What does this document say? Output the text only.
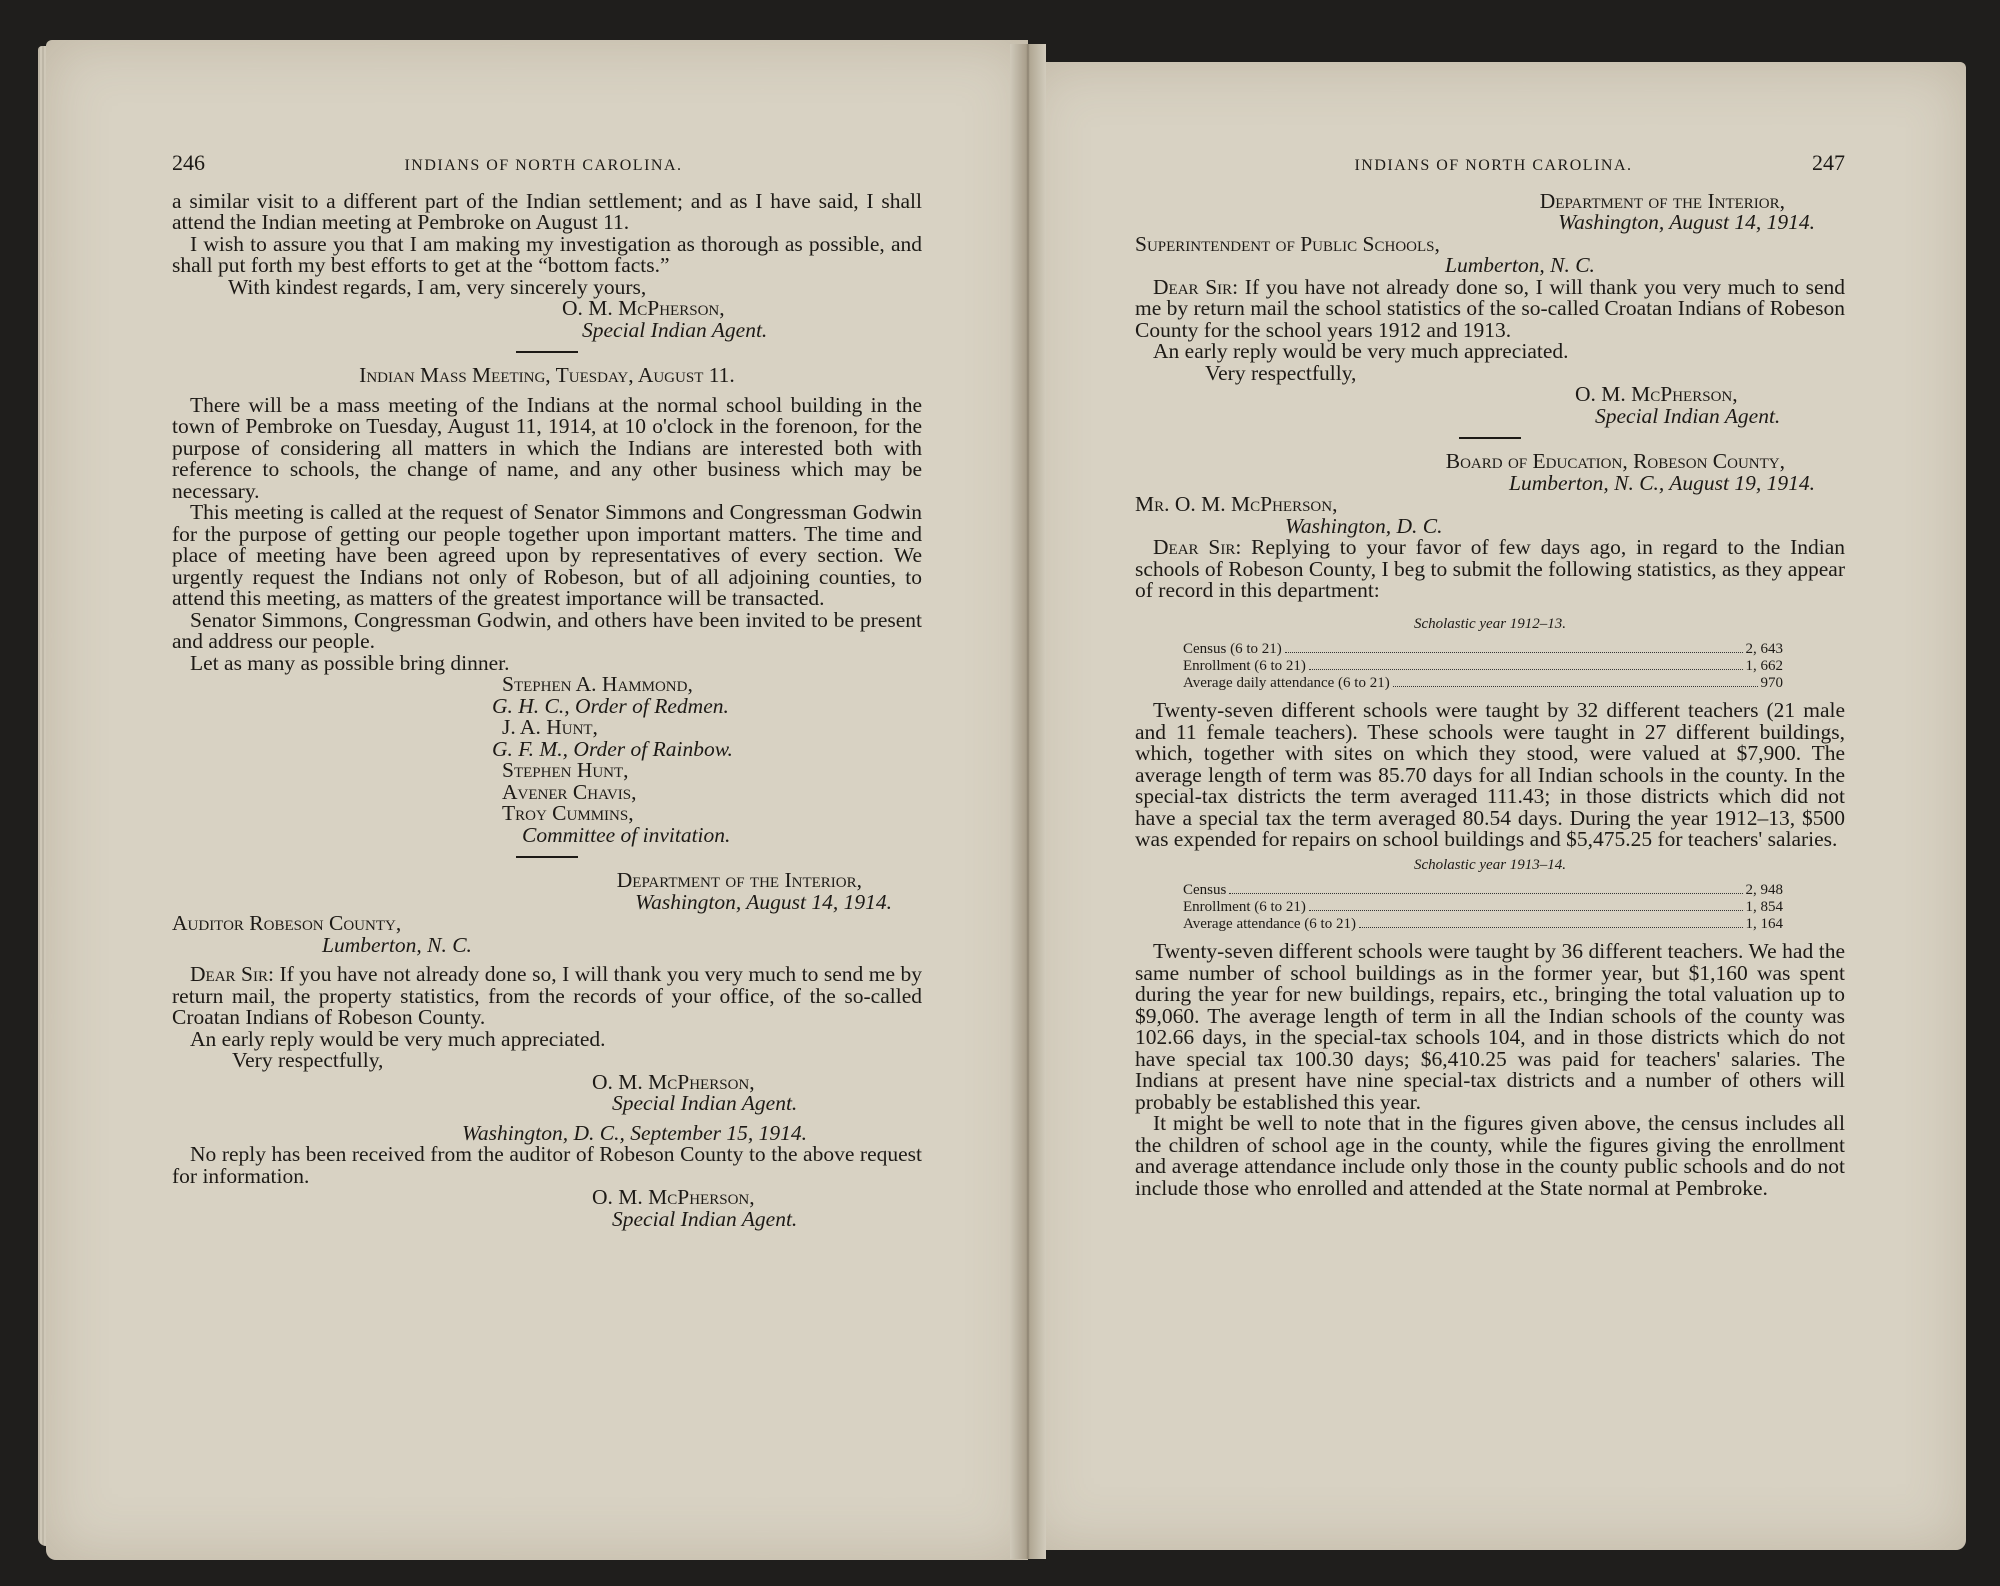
246	INDIANS OF NORTH CAROLINA.

a similar visit to a different part of the Indian settlement; and as I have said, I shall attend the Indian meeting at Pembroke on August 11.

I wish to assure you that I am making my investigation as thorough as possible, and shall put forth my best efforts to get at the “bottom facts.”

With kindest regards, I am, very sincerely yours,

O. M. McPherson,

Special Indian Agent.

Indian Mass Meeting, Tuesday, August 11.

There will be a mass meeting of the Indians at the normal school building in the town of Pembroke on Tuesday, August 11, 1914, at 10 o'clock in the forenoon, for the purpose of considering all matters in which the Indians are interested both with reference to schools, the change of name, and any other business which may be necessary.

This meeting is called at the request of Senator Simmons and Congressman Godwin for the purpose of getting our people together upon important matters. The time and place of meeting have been agreed upon by representatives of every section. We urgently request the Indians not only of Robeson, but of all adjoining counties, to attend this meeting, as matters of the greatest importance will be transacted.

Senator Simmons, Congressman Godwin, and others have been invited to be present and address our people.

Let as many as possible bring dinner.

Stephen A. Hammond,

G. H. C., Order of Redmen.

J. A. Hunt,

G. F. M., Order of Rainbow.

Stephen Hunt,

Avener Chavis,

Troy Cummins,

Committee of invitation.

Department of the Interior,

Washington, August 14, 1914.

Auditor Robeson County,

Lumberton, N. C.

Dear Sir: If you have not already done so, I will thank you very much to send me by return mail, the property statistics, from the records of your office, of the so-called Croatan Indians of Robeson County.

An early reply would be very much appreciated.

Very respectfully,

O. M. McPherson,

Special Indian Agent.

Washington, D. C., September 15, 1914.

No reply has been received from the auditor of Robeson County to the above request for information.

O. M. McPherson,

Special Indian Agent.

INDIANS OF NORTH CAROLINA.	247

Department of the Interior,

Washington, August 14, 1914.

Superintendent of Public Schools,

Lumberton, N. C.

Dear Sir: If you have not already done so, I will thank you very much to send me by return mail the school statistics of the so-called Croatan Indians of Robeson County for the school years 1912 and 1913.

An early reply would be very much appreciated.

Very respectfully,

O. M. McPherson,

Special Indian Agent.

Board of Education, Robeson County,

Lumberton, N. C., August 19, 1914.

Mr. O. M. McPherson,

Washington, D. C.

Dear Sir: Replying to your favor of few days ago, in regard to the Indian schools of Robeson County, I beg to submit the following statistics, as they appear of record in this department:

Scholastic year 1912–13.
Census (6 to 21)	2, 643
Enrollment (6 to 21)	1, 662
Average daily attendance (6 to 21)	970

Twenty-seven different schools were taught by 32 different teachers (21 male and 11 female teachers). These schools were taught in 27 different buildings, which, together with sites on which they stood, were valued at $7,900. The average length of term was 85.70 days for all Indian schools in the county. In the special-tax districts the term averaged 111.43; in those districts which did not have a special tax the term averaged 80.54 days. During the year 1912–13, $500 was expended for repairs on school buildings and $5,475.25 for teachers' salaries.

Scholastic year 1913–14.
Census	2, 948
Enrollment (6 to 21)	1, 854
Average attendance (6 to 21)	1, 164

Twenty-seven different schools were taught by 36 different teachers. We had the same number of school buildings as in the former year, but $1,160 was spent during the year for new buildings, repairs, etc., bringing the total valuation up to $9,060. The average length of term in all the Indian schools of the county was 102.66 days, in the special-tax schools 104, and in those districts which do not have special tax 100.30 days; $6,410.25 was paid for teachers' salaries. The Indians at present have nine special-tax districts and a number of others will probably be established this year.

It might be well to note that in the figures given above, the census includes all the children of school age in the county, while the figures giving the enrollment and average attendance include only those in the county public schools and do not include those who enrolled and attended at the State normal at Pembroke.
